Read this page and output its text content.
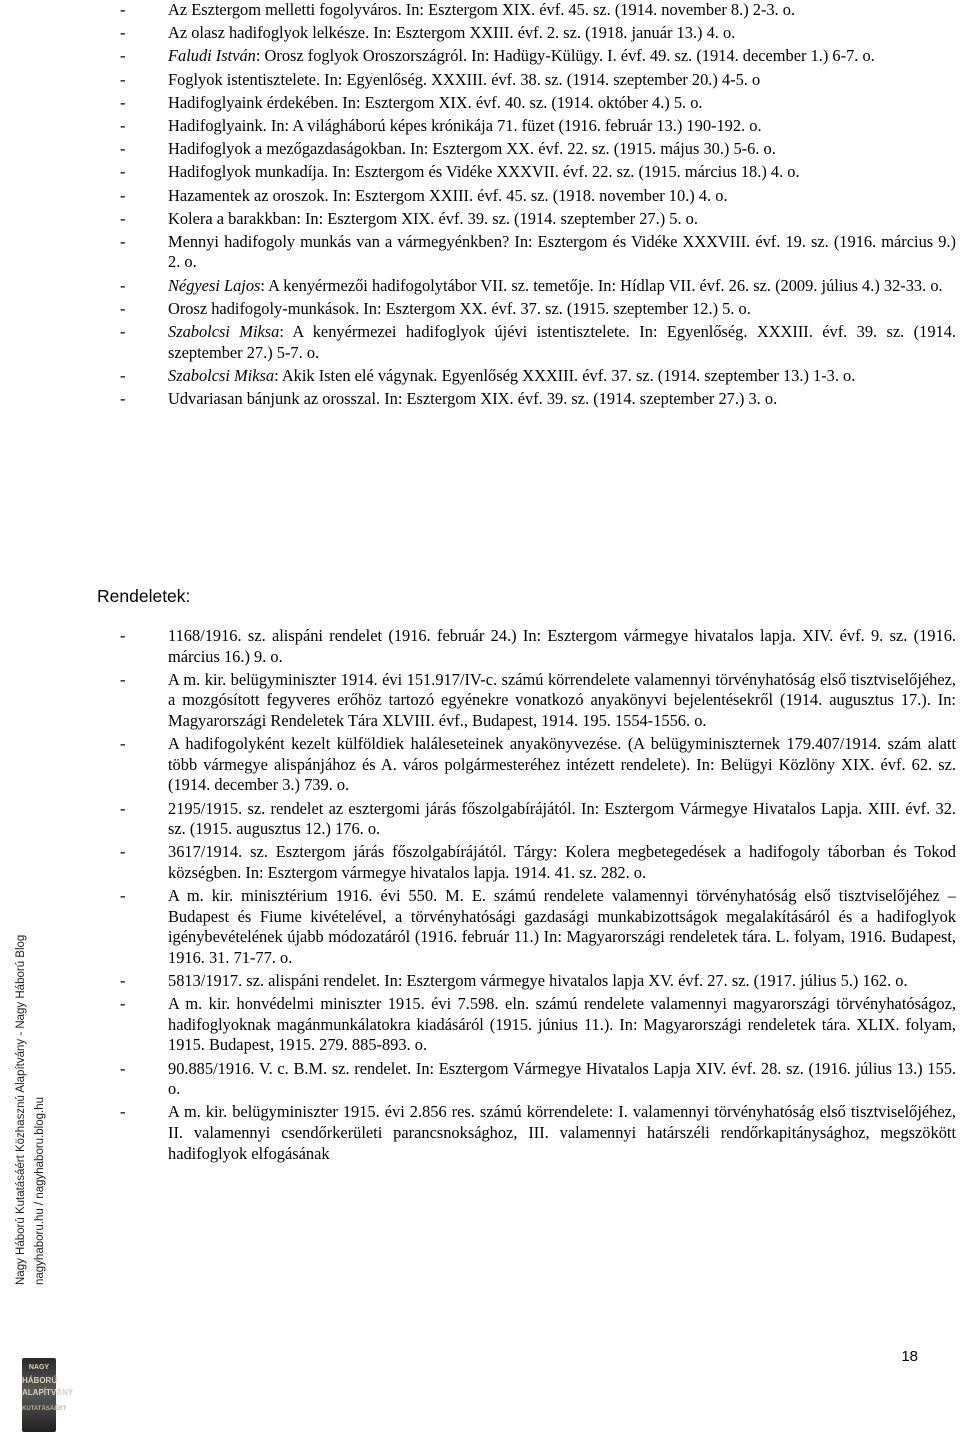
-	Az Esztergom melletti fogolyváros. In: Esztergom XIX. évf. 45. sz. (1914. november 8.) 2-3. o.
-	Az olasz hadifoglyok lelkésze. In: Esztergom XXIII. évf. 2. sz. (1918. január 13.) 4. o.
-	Faludi István: Orosz foglyok Oroszországról. In: Hadügy-Külügy. I. évf. 49. sz. (1914. december 1.) 6-7. o.
-	Foglyok istentisztelete. In: Egyenlőség. XXXIII. évf. 38. sz. (1914. szeptember 20.) 4-5. o
-	Hadifoglyaink érdekében. In: Esztergom XIX. évf. 40. sz. (1914. október 4.) 5. o.
-	Hadifoglyaink. In: A világháború képes krónikája 71. füzet (1916. február 13.) 190-192. o.
-	Hadifoglyok a mezőgazdaságokban. In: Esztergom XX. évf. 22. sz. (1915. május 30.) 5-6. o.
-	Hadifoglyok munkadíja. In: Esztergom és Vidéke XXXVII. évf. 22. sz. (1915. március 18.) 4. o.
-	Hazamentek az oroszok. In: Esztergom XXIII. évf. 45. sz. (1918. november 10.) 4. o.
-	Kolera a barakkban: In: Esztergom XIX. évf. 39. sz. (1914. szeptember 27.) 5. o.
-	Mennyi hadifogoly munkás van a vármegyénkben? In: Esztergom és Vidéke XXXVIII. évf. 19. sz. (1916. március 9.) 2. o.
-	Négyesi Lajos: A kenyérmezői hadifogolytábor VII. sz. temetője. In: Hídlap VII. évf. 26. sz. (2009. július 4.) 32-33. o.
-	Orosz hadifogoly-munkások. In: Esztergom XX. évf. 37. sz. (1915. szeptember 12.) 5. o.
-	Szabolcsi Miksa: A kenyérmezei hadifoglyok újévi istentisztelete. In: Egyenlőség. XXXIII. évf. 39. sz. (1914. szeptember 27.) 5-7. o.
-	Szabolcsi Miksa: Akik Isten elé vágynak. Egyenlőség XXXIII. évf. 37. sz. (1914. szeptember 13.) 1-3. o.
-	Udvariasan bánjunk az orosszal. In: Esztergom XIX. évf. 39. sz. (1914. szeptember 27.) 3. o.
Rendeletek:
-	1168/1916. sz. alispáni rendelet (1916. február 24.) In: Esztergom vármegye hivatalos lapja. XIV. évf. 9. sz. (1916. március 16.) 9. o.
-	A m. kir. belügyminiszter 1914. évi 151.917/IV-c. számú körrendelete valamennyi törvényhatóság első tisztviselőjéhez, a mozgósított fegyveres erőhöz tartozó egyénekre vonatkozó anyakönyvi bejelentésekről (1914. augusztus 17.). In: Magyarországi Rendeletek Tára XLVIII. évf., Budapest, 1914. 195. 1554-1556. o.
-	A hadifogolyként kezelt külföldiek haláleseteinek anyakönyvezése. (A belügyminiszternek 179.407/1914. szám alatt több vármegye alispánjához és A. város polgármesteréhez intézett rendelete). In: Belügyi Közlöny XIX. évf. 62. sz. (1914. december 3.) 739. o.
-	2195/1915. sz. rendelet az esztergomi járás főszolgabírájától. In: Esztergom Vármegye Hivatalos Lapja. XIII. évf. 32. sz. (1915. augusztus 12.) 176. o.
-	3617/1914. sz. Esztergom járás főszolgabírájától. Tárgy: Kolera megbetegedések a hadifogoly táborban és Tokod községben. In: Esztergom vármegye hivatalos lapja. 1914. 41. sz. 282. o.
-	A m. kir. minisztérium 1916. évi 550. M. E. számú rendelete valamennyi törvényhatóság első tisztviselőjéhez – Budapest és Fiume kivételével, a törvényhatósági gazdasági munkabizottságok megalakításáról és a hadifoglyok igénybevételének újabb módozatáról (1916. február 11.) In: Magyarországi rendeletek tára. L. folyam, 1916. Budapest, 1916. 31. 71-77. o.
-	5813/1917. sz. alispáni rendelet. In: Esztergom vármegye hivatalos lapja XV. évf. 27. sz. (1917. július 5.) 162. o.
-	A m. kir. honvédelmi miniszter 1915. évi 7.598. eln. számú rendelete valamennyi magyarországi törvényhatóságoz, hadifoglyoknak magánmunkálatokra kiadásáról (1915. június 11.). In: Magyarországi rendeletek tára. XLIX. folyam, 1915. Budapest, 1915. 279. 885-893. o.
-	90.885/1916. V. c. B.M. sz. rendelet. In: Esztergom Vármegye Hivatalos Lapja XIV. évf. 28. sz. (1916. július 13.) 155. o.
-	A m. kir. belügyminiszter 1915. évi 2.856 res. számú körrendelete: I. valamennyi törvényhatóság első tisztviselőjéhez, II. valamennyi csendőrkerületi parancsnoksághoz, III. valamennyi határszéli rendőrkapitánysághoz, megszökött hadifoglyok elfogásának
Nagy Háború Kutatásáért Közhasznú Alapítvány - Nagy Háború Blog nagyhaboru.hu / nagyhaboru.blog.hu
NAGY
HÁBORÚ
ALAPÍTVÁNY
KUTATÁSÁÉRT
18
